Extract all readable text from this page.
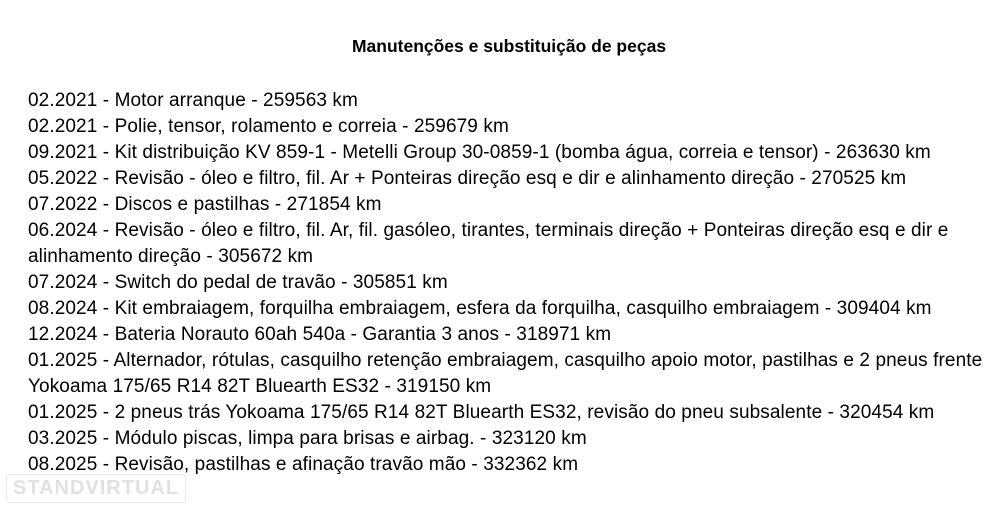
Manutenções e substituição de peças
02.2021 - Motor arranque - 259563 km
02.2021 - Polie, tensor, rolamento e correia - 259679 km
09.2021 - Kit distribuição KV 859-1 - Metelli Group 30-0859-1 (bomba água, correia e tensor) - 263630 km
05.2022 - Revisão - óleo e filtro, fil. Ar + Ponteiras direção esq e dir e alinhamento direção - 270525 km
07.2022 - Discos e pastilhas - 271854 km
06.2024 - Revisão - óleo e filtro, fil. Ar, fil. gasóleo, tirantes, terminais direção + Ponteiras direção esq e dir e alinhamento direção - 305672 km
07.2024 - Switch do pedal de travão - 305851 km
08.2024 - Kit embraiagem, forquilha embraiagem, esfera da forquilha, casquilho embraiagem - 309404 km
12.2024 - Bateria Norauto 60ah 540a - Garantia 3 anos - 318971 km
01.2025 - Alternador, rótulas, casquilho retenção embraiagem, casquilho apoio motor, pastilhas e 2 pneus frente Yokoama 175/65 R14 82T Bluearth ES32 - 319150 km
01.2025 - 2 pneus trás Yokoama 175/65 R14 82T Bluearth ES32, revisão do pneu subsalente - 320454 km
03.2025 - Módulo piscas, limpa para brisas e airbag. - 323120 km
08.2025 - Revisão, pastilhas e afinação travão mão - 332362 km
STANDVIRTUAL
